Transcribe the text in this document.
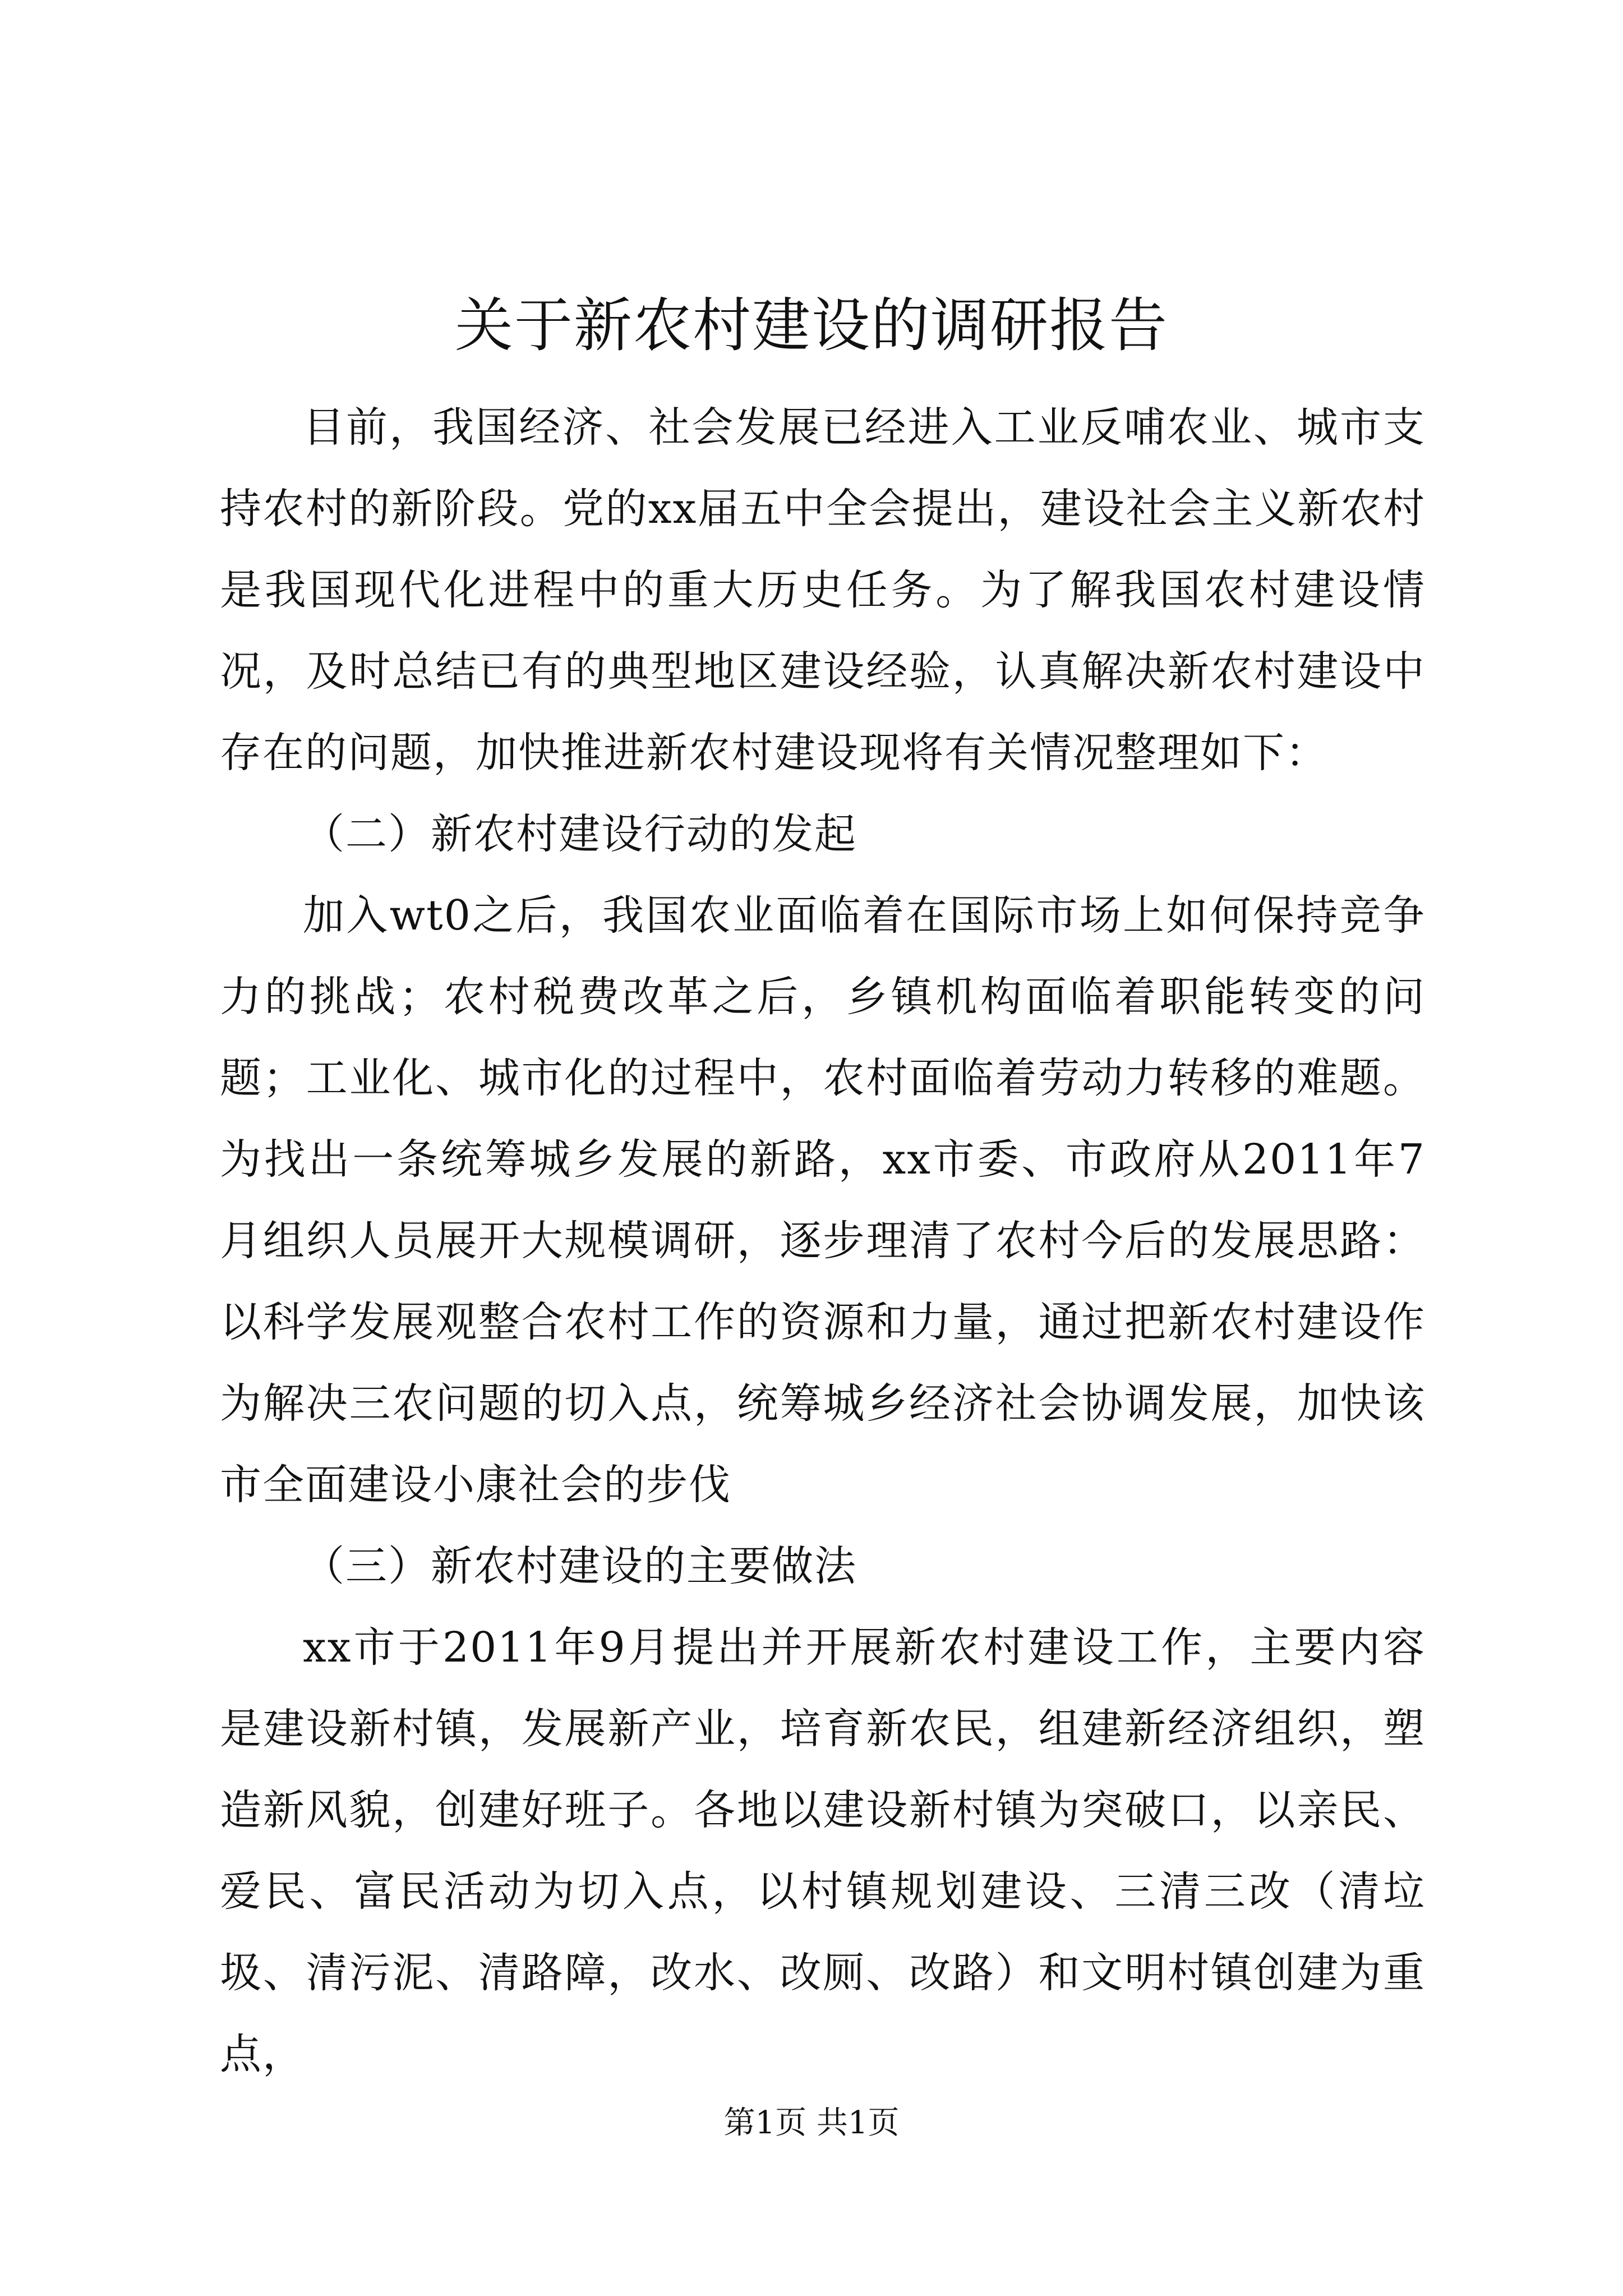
关于新农村建设的调研报告

目前，我国经济、社会发展已经进入工业反哺农业、城市支持农村的新阶段。党的xx届五中全会提出，建设社会主义新农村是我国现代化进程中的重大历史任务。为了解我国农村建设情况，及时总结已有的典型地区建设经验，认真解决新农村建设中存在的问题，加快推进新农村建设现将有关情况整理如下：

（二）新农村建设行动的发起

加入wt0之后，我国农业面临着在国际市场上如何保持竞争力的挑战；农村税费改革之后，乡镇机构面临着职能转变的问题；工业化、城市化的过程中，农村面临着劳动力转移的难题。为找出一条统筹城乡发展的新路，xx市委、市政府从2011年7月组织人员展开大规模调研，逐步理清了农村今后的发展思路：以科学发展观整合农村工作的资源和力量，通过把新农村建设作为解决三农问题的切入点，统筹城乡经济社会协调发展，加快该市全面建设小康社会的步伐

（三）新农村建设的主要做法

xx市于2011年9月提出并开展新农村建设工作，主要内容是建设新村镇，发展新产业，培育新农民，组建新经济组织，塑造新风貌，创建好班子。各地以建设新村镇为突破口，以亲民、爱民、富民活动为切入点，以村镇规划建设、三清三改（清垃圾、清污泥、清路障，改水、改厕、改路）和文明村镇创建为重点，

第1页 共1页
